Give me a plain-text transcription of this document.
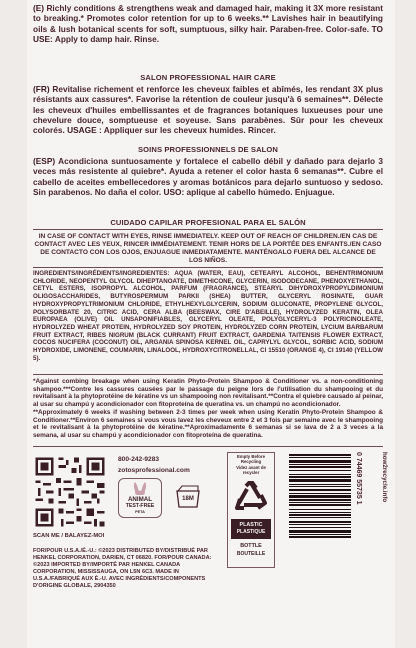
(E) Richly conditions & strengthens weak and damaged hair, making it 3X more resistant to breaking.* Promotes color retention for up to 6 weeks.** Lavishes hair in beautifying oils & lush botanical scents for soft, sumptuous, silky hair. Paraben-free. Color-safe. TO USE: Apply to damp hair. Rinse.
SALON PROFESSIONAL HAIR CARE
(FR) Revitalise richement et renforce les cheveux faibles et abîmés, les rendant 3X plus résistants aux cassures*. Favorise la rétention de couleur jusqu'à 6 semaines**. Délecte les cheveux d'huiles embellissantes et de fragrances botaniques luxueuses pour une chevelure douce, somptueuse et soyeuse. Sans parabènes. Sûr pour les cheveux colorés. USAGE : Appliquer sur les cheveux humides. Rincer.
SOINS PROFESSIONNELS DE SALON
(ESP) Acondiciona suntuosamente y fortalece el cabello débil y dañado para dejarlo 3 veces más resistente al quiebre*. Ayuda a retener el color hasta 6 semanas**. Cubre el cabello de aceites embellecedores y aromas botánicos para dejarlo suntuoso y sedoso. Sin parabenos. No daña el color. USO: aplique al cabello húmedo. Enjuague.
CUIDADO CAPILAR PROFESIONAL PARA EL SALÓN
IN CASE OF CONTACT WITH EYES, RINSE IMMEDIATELY. KEEP OUT OF REACH OF CHILDREN./EN CAS DE CONTACT AVEC LES YEUX, RINCER IMMÉDIATEMENT. TENIR HORS DE LA PORTÉE DES ENFANTS./EN CASO DE CONTACTO CON LOS OJOS, ENJUAGUE INMEDIATAMENTE. MANTÉNGALO FUERA DEL ALCANCE DE LOS NIÑOS.
INGREDIENTS/INGRÉDIENTS/INGREDIENTES: AQUA (WATER, EAU), CETEARYL ALCOHOL, BEHENTRIMONIUM CHLORIDE, NEOPENTYL GLYCOL DIHEPTANOATE, DIMETHICONE, GLYCERIN, ISODODECANE, PHENOXYETHANOL, CETYL ESTERS, ISOPROPYL ALCOHOL, PARFUM (FRAGRANCE), STEARYL DIHYDROXYPROPYLDIMONIUM OLIGOSACCHARIDES, BUTYROSPERMUM PARKII (SHEA) BUTTER, GLYCERYL ROSINATE, GUAR HYDROXYPROPYLTRIMONIUM CHLORIDE, ETHYLHEXYLGLYCERIN, SODIUM GLUCONATE, PROPYLENE GLYCOL, POLYSORBATE 20, CITRIC ACID, CERA ALBA (BEESWAX, CIRE D'ABEILLE), HYDROLYZED KERATIN, OLEA EUROPAEA (OLIVE) OIL UNSAPONIFIABLES, GLYCERYL OLEATE, POLYGLYCERYL-3 POLYRICINOLEATE, HYDROLYZED WHEAT PROTEIN, HYDROLYZED SOY PROTEIN, HYDROLYZED CORN PROTEIN, LYCIUM BARBARUM FRUIT EXTRACT, RIBES NIGRUM (BLACK CURRANT) FRUIT EXTRACT, GARDENIA TAITENSIS FLOWER EXTRACT, COCOS NUCIFERA (COCONUT) OIL, ARGANIA SPINOSA KERNEL OIL, CAPRYLYL GLYCOL, SORBIC ACID, SODIUM HYDROXIDE, LIMONENE, COUMARIN, LINALOOL, HYDROXYCITRONELLAL, CI 15510 (ORANGE 4), CI 19140 (YELLOW 5).
*Against combing breakage when using Keratin Phyto-Protein Shampoo & Conditioner vs. a non-conditioning shampoo.***Contre les cassures causées par le passage du peigne lors de l'utilisation du shampooing et du revitalisant à la phytoprotéine de kératine vs un shampooing non revitalisant.**Contra el quiebre causado al peinar, al usar su champú y acondicionador con fitoproteína de queratina vs. un champú no acondicionador.
**Approximately 6 weeks if washing between 2-3 times per week when using Keratin Phyto-Protein Shampoo & Conditioner.**Environ 6 semaines si vous vous lavez les cheveux entre 2 et 3 fois par semaine avec le shampooing et le revitalisant à la phytoprotéine de kératine.**Aproximadamente 6 semanas si se lava de 2 a 3 veces a la semana, al usar su champú y acondicionador con fitoproteína de queratina.
SCAN ME / BALAYEZ-MOI
800-242-9283
zotosprofessional.com
ANIMAL
TEST-FREE
PETA
18M
Empty Before
Recycling
Videz avant de
recycler
PLASTIC
PLASTIQUE
BOTTLE
BOUTEILLE
0 74469 55735 1	how2recycle.info
FOR/POUR U.S.A./É.-U.: ©2023 DISTRIBUTED BY/DISTRIBUÉ PAR HENKEL CORPORATION, DARIEN, CT 06820. FOR/POUR CANADA: ©2023 IMPORTED BY/IMPORTÉ PAR HENKEL CANADA CORPORATION, MISSISSAUGA, ON L5N 6C3. MADE IN U.S.A./FABRIQUÉ AUX É.-U. AVEC INGRÉDIENTS/COMPONENTS D'ORIGINE GLOBALE, 2904350
